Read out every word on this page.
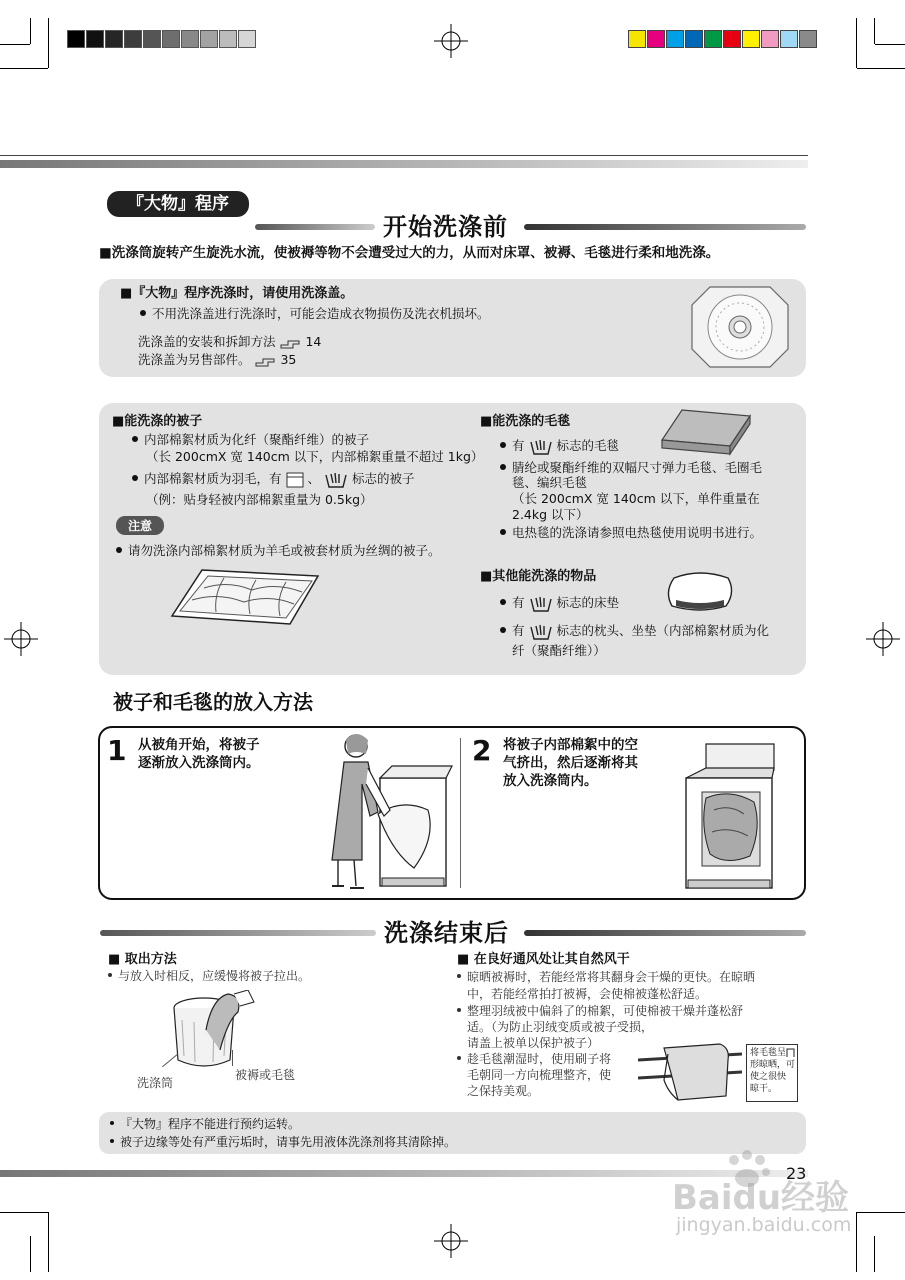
『大物』程序
开始洗涤前
■洗涤筒旋转产生旋洗水流，使被褥等物不会遭受过大的力，从而对床罩、被褥、毛毯进行柔和地洗涤。
■『大物』程序洗涤时，请使用洗涤盖。
不用洗涤盖进行洗涤时，可能会造成衣物损伤及洗衣机损坏。
洗涤盖的安装和拆卸方法 14
洗涤盖为另售部件。 35
■能洗涤的被子
内部棉絮材质为化纤（聚酯纤维）的被子
（长 200cmX 宽 140cm 以下，内部棉絮重量不超过 1kg）
内部棉絮材质为羽毛，有 、	标志的被子
（例：贴身轻被内部棉絮重量为 0.5kg）
注意
请勿洗涤内部棉絮材质为羊毛或被套材质为丝绸的被子。
■能洗涤的毛毯
有	标志的毛毯
腈纶或聚酯纤维的双幅尺寸弹力毛毯、毛圈毛
毯、编织毛毯
（长 200cmX 宽 140cm 以下，单件重量在
2.4kg 以下）
电热毯的洗涤请参照电热毯使用说明书进行。
■其他能洗涤的物品
有	标志的床垫
有	标志的枕头、坐垫（内部棉絮材质为化
纤（聚酯纤维））
被子和毛毯的放入方法
1 从被角开始，将被子
逐渐放入洗涤筒内。	2 将被子内部棉絮中的空
气挤出，然后逐渐将其
放入洗涤筒内。
洗涤结束后
■ 取出方法
与放入时相反，应缓慢将被子拉出。
洗涤筒
被褥或毛毯
■ 在良好通风处让其自然风干
晾晒被褥时，若能经常将其翻身会干燥的更快。在晾晒
中，若能经常拍打被褥，会使棉被蓬松舒适。
整理羽绒被中偏斜了的棉絮，可使棉被干燥并蓬松舒
适。（为防止羽绒变质或被子受损，
请盖上被单以保护被子）
趁毛毯潮湿时，使用刷子将
毛朝同一方向梳理整齐，使
之保持美观。
将毛毯呈
形晾晒，可
使之很快
晾干。
『大物』程序不能进行预约运转。
被子边缘等处有严重污垢时，请事先用液体洗涤剂将其清除掉。
23
Baidu经验
jingyan.baidu.com
